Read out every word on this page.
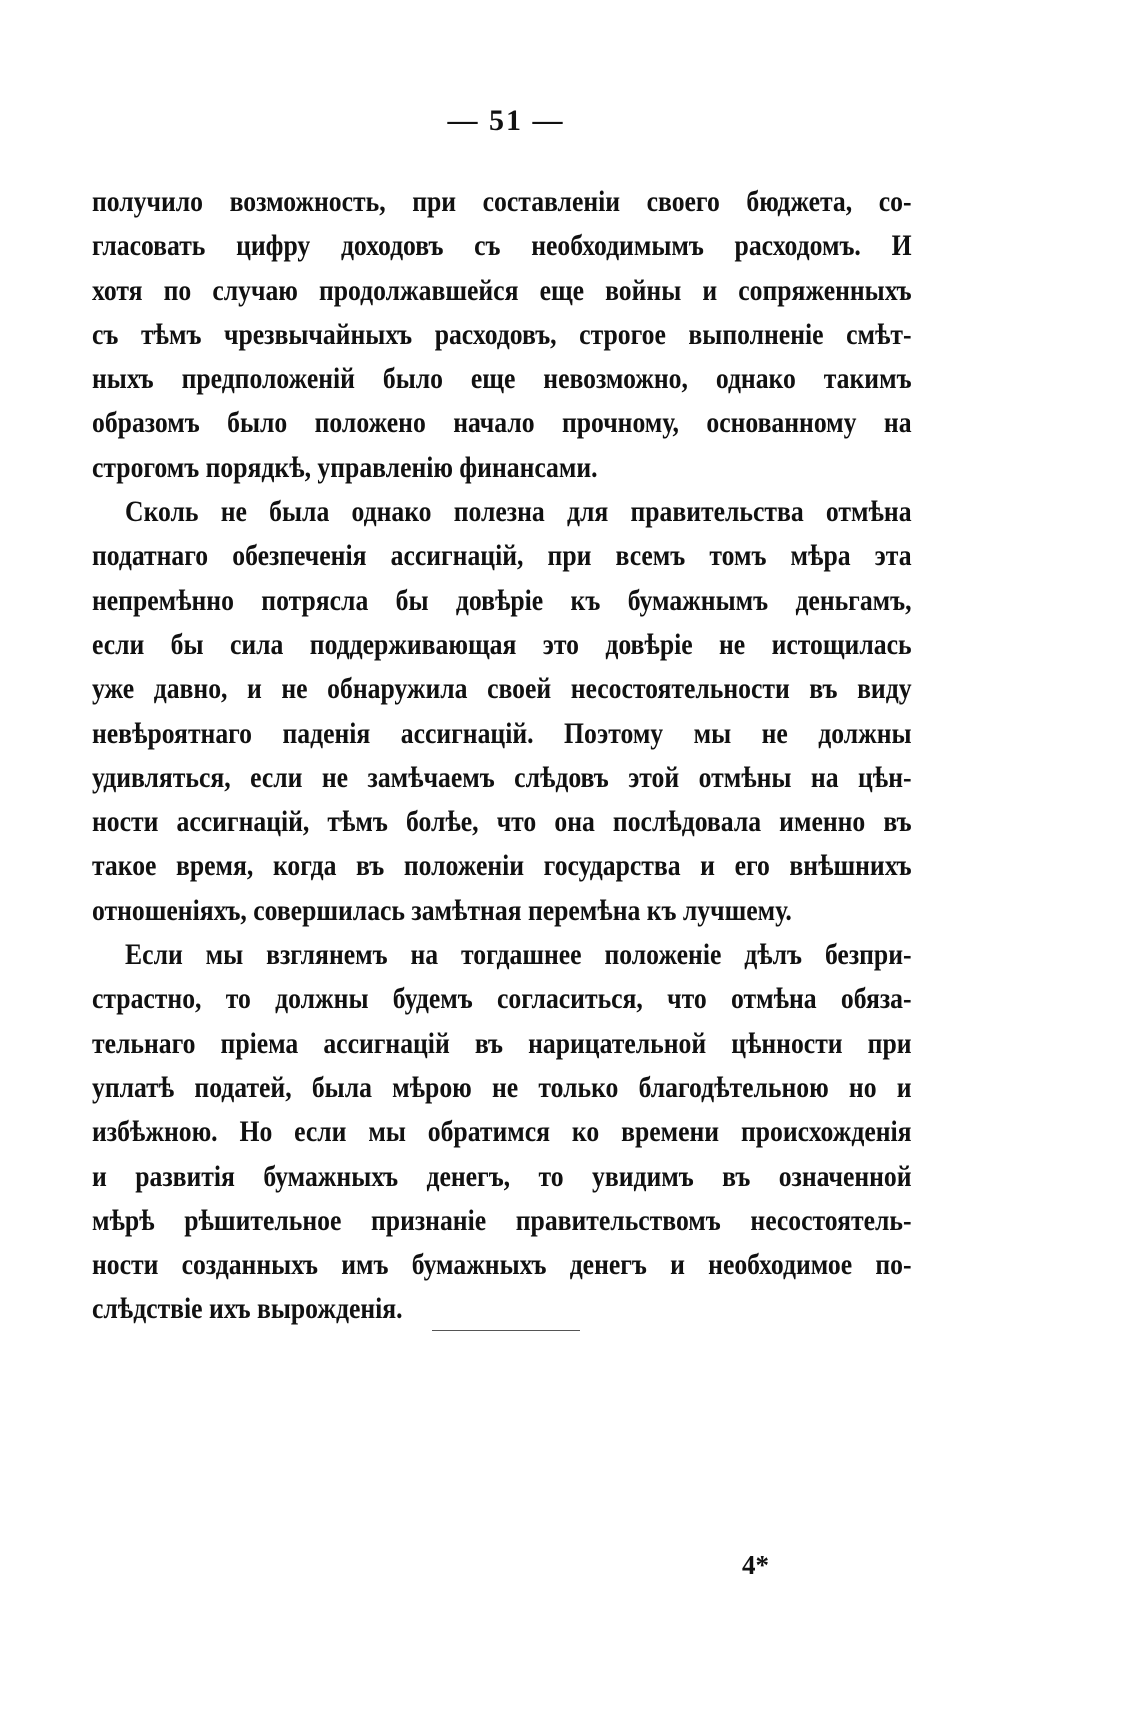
— 51 —
получило возможность, при составленіи своего бюджета, со-
гласовать цифру доходовъ съ необходимымъ расходомъ. И
хотя по случаю продолжавшейся еще войны и сопряженныхъ
съ тѣмъ чрезвычайныхъ расходовъ, строгое выполненіе смѣт-
ныхъ предположеній было еще невозможно, однако такимъ
образомъ было положено начало прочному, основанному на
строгомъ порядкѣ, управленію финансами.
Сколь не была однако полезна для правительства отмѣна
податнаго обезпеченія ассигнацій, при всемъ томъ мѣра эта
непремѣнно потрясла бы довѣріе къ бумажнымъ деньгамъ,
если бы сила поддерживающая это довѣріе не истощилась
уже давно, и не обнаружила своей несостоятельности въ виду
невѣроятнаго паденія ассигнацій. Поэтому мы не должны
удивляться, если не замѣчаемъ слѣдовъ этой отмѣны на цѣн-
ности ассигнацій, тѣмъ болѣе, что она послѣдовала именно въ
такое время, когда въ положеніи государства и его внѣшнихъ
отношеніяхъ, совершилась замѣтная перемѣна къ лучшему.
Если мы взглянемъ на тогдашнее положеніе дѣлъ безпри-
страстно, то должны будемъ согласиться, что отмѣна обяза-
тельнаго пріема ассигнацій въ нарицательной цѣнности при
уплатѣ податей, была мѣрою не только благодѣтельною но и
избѣжною. Но если мы обратимся ко времени происхожденія
и развитія бумажныхъ денегъ, то увидимъ въ означенной
мѣрѣ рѣшительное признаніе правительствомъ несостоятель-
ности созданныхъ имъ бумажныхъ денегъ и необходимое по-
слѣдствіе ихъ вырожденія.
4*
